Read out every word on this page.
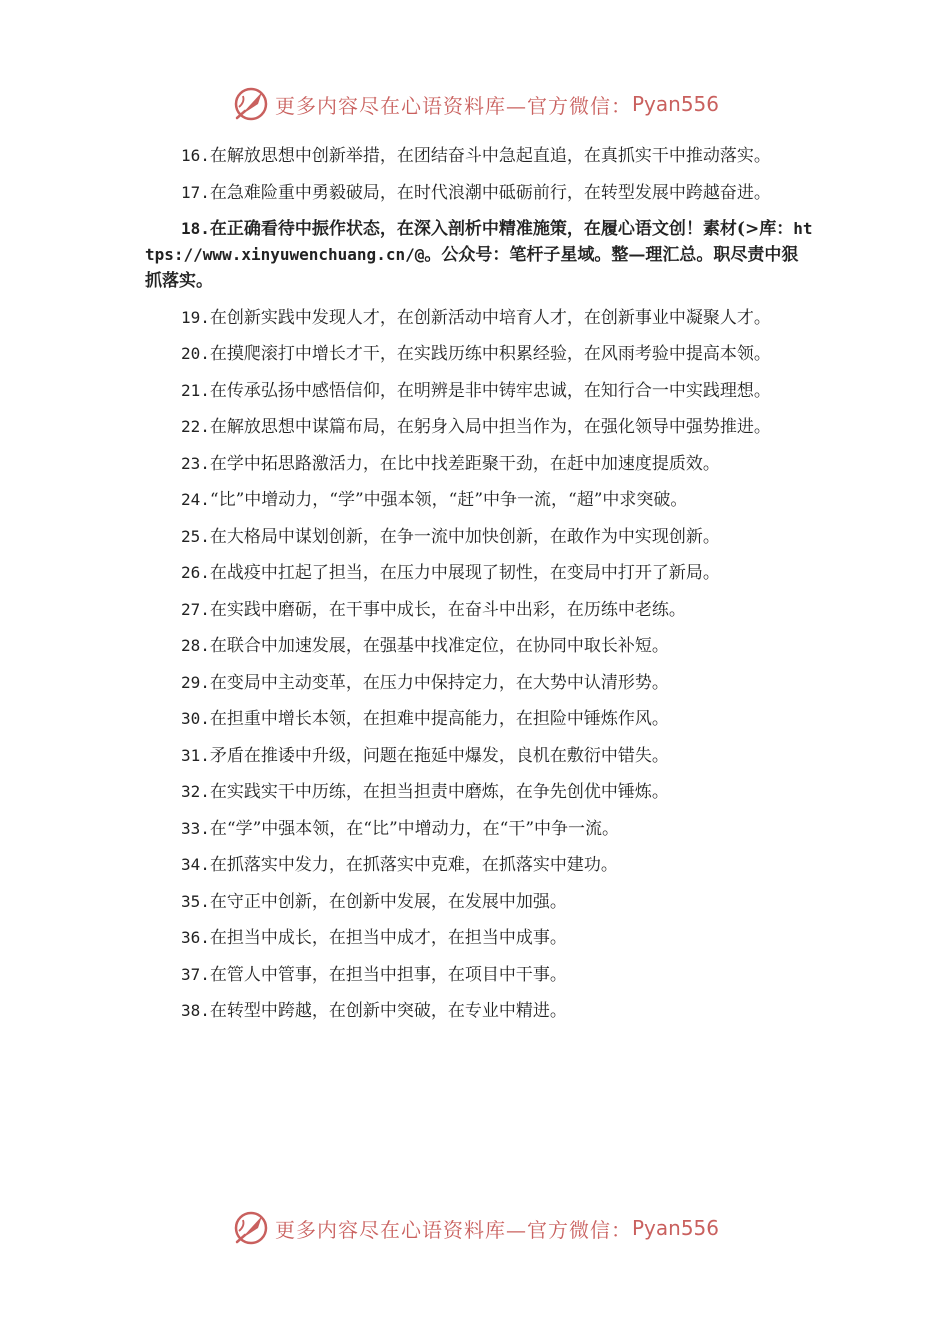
更多内容尽在心语资料库—官方微信： Pyan556

16.在解放思想中创新举措，在团结奋斗中急起直追，在真抓实干中推动落实。

17.在急难险重中勇毅破局，在时代浪潮中砥砺前行，在转型发展中跨越奋进。

18.在正确看待中振作状态，在深入剖析中精准施策，在履心语文创！素材(>库：https://www.xinyuwenchuang.cn/@。公众号：笔杆子星域。整—理汇总。职尽责中狠抓落实。

19.在创新实践中发现人才，在创新活动中培育人才，在创新事业中凝聚人才。

20.在摸爬滚打中增长才干，在实践历练中积累经验，在风雨考验中提高本领。

21.在传承弘扬中感悟信仰，在明辨是非中铸牢忠诚，在知行合一中实践理想。

22.在解放思想中谋篇布局，在躬身入局中担当作为，在强化领导中强势推进。

23.在学中拓思路激活力，在比中找差距聚干劲，在赶中加速度提质效。

24.“比”中增动力，“学”中强本领，“赶”中争一流，“超”中求突破。

25.在大格局中谋划创新，在争一流中加快创新，在敢作为中实现创新。

26.在战疫中扛起了担当，在压力中展现了韧性，在变局中打开了新局。

27.在实践中磨砺，在干事中成长，在奋斗中出彩，在历练中老练。

28.在联合中加速发展，在强基中找准定位，在协同中取长补短。

29.在变局中主动变革，在压力中保持定力，在大势中认清形势。

30.在担重中增长本领，在担难中提高能力，在担险中锤炼作风。

31.矛盾在推诿中升级，问题在拖延中爆发，良机在敷衍中错失。

32.在实践实干中历练，在担当担责中磨炼，在争先创优中锤炼。

33.在“学”中强本领，在“比”中增动力，在“干”中争一流。

34.在抓落实中发力，在抓落实中克难，在抓落实中建功。

35.在守正中创新，在创新中发展，在发展中加强。

36.在担当中成长，在担当中成才，在担当中成事。

37.在管人中管事，在担当中担事，在项目中干事。

38.在转型中跨越，在创新中突破，在专业中精进。

更多内容尽在心语资料库—官方微信： Pyan556
